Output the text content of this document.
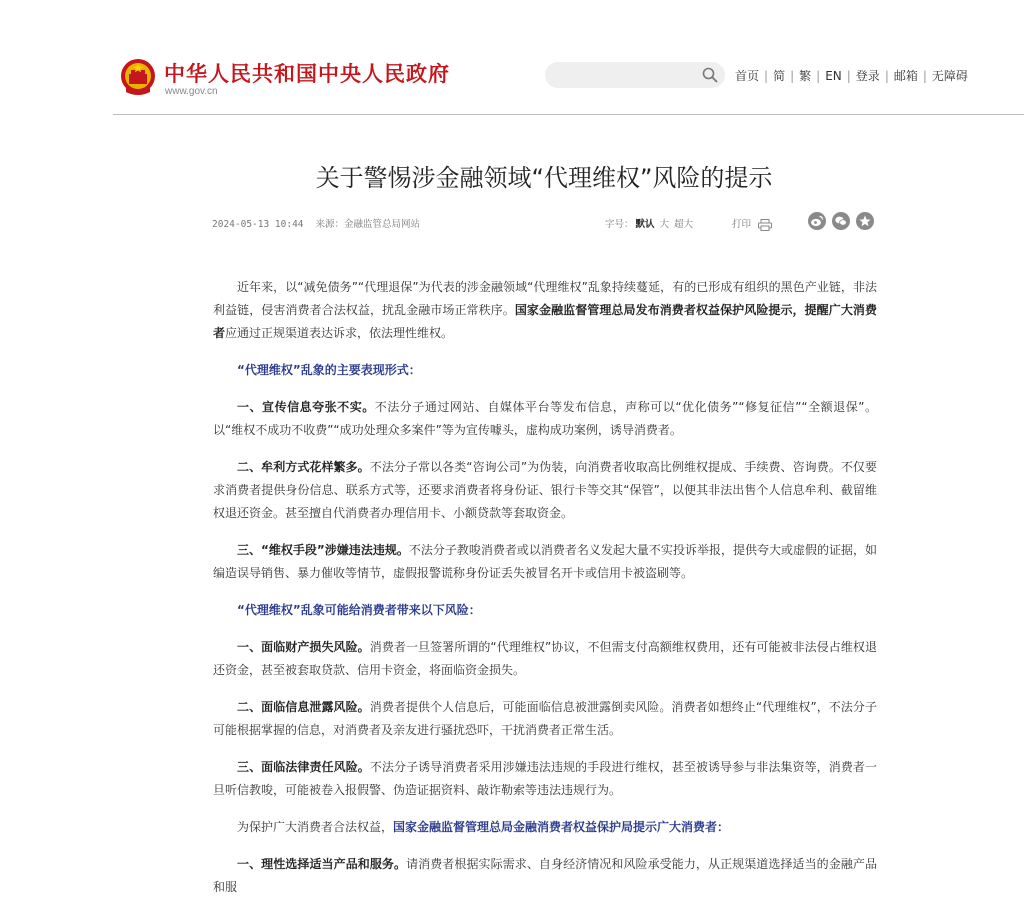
中华人民共和国中央人民政府
www.gov.cn
首页 | 简 | 繁 | EN | 登录 | 邮箱 | 无障碍
关于警惕涉金融领域“代理维权”风险的提示
2024-05-13 10:44 来源：金融监管总局网站	字号： 默认 大 超大	打印

近年来，以“减免债务”“代理退保”为代表的涉金融领域“代理维权”乱象持续蔓延，有的已形成有组织的黑色产业链，非法利益链，侵害消费者合法权益，扰乱金融市场正常秩序。国家金融监督管理总局发布消费者权益保护风险提示，提醒广大消费者应通过正规渠道表达诉求，依法理性维权。

“代理维权”乱象的主要表现形式：

一、宣传信息夸张不实。不法分子通过网站、自媒体平台等发布信息，声称可以“优化债务”“修复征信”“全额退保”。以“维权不成功不收费”“成功处理众多案件”等为宣传噱头，虚构成功案例，诱导消费者。

二、牟利方式花样繁多。不法分子常以各类“咨询公司”为伪装，向消费者收取高比例维权提成、手续费、咨询费。不仅要求消费者提供身份信息、联系方式等，还要求消费者将身份证、银行卡等交其“保管”，以便其非法出售个人信息牟利、截留维权退还资金。甚至擅自代消费者办理信用卡、小额贷款等套取资金。

三、“维权手段”涉嫌违法违规。不法分子教唆消费者或以消费者名义发起大量不实投诉举报，提供夸大或虚假的证据，如编造误导销售、暴力催收等情节，虚假报警谎称身份证丢失被冒名开卡或信用卡被盗刷等。

“代理维权”乱象可能给消费者带来以下风险：

一、面临财产损失风险。消费者一旦签署所谓的“代理维权”协议，不但需支付高额维权费用，还有可能被非法侵占维权退还资金，甚至被套取贷款、信用卡资金，将面临资金损失。

二、面临信息泄露风险。消费者提供个人信息后，可能面临信息被泄露倒卖风险。消费者如想终止“代理维权”，不法分子可能根据掌握的信息，对消费者及亲友进行骚扰恐吓，干扰消费者正常生活。

三、面临法律责任风险。不法分子诱导消费者采用涉嫌违法违规的手段进行维权，甚至被诱导参与非法集资等，消费者一旦听信教唆，可能被卷入报假警、伪造证据资料、敲诈勒索等违法违规行为。

为保护广大消费者合法权益，国家金融监督管理总局金融消费者权益保护局提示广大消费者：

一、理性选择适当产品和服务。请消费者根据实际需求、自身经济情况和风险承受能力，从正规渠道选择适当的金融产品和服
